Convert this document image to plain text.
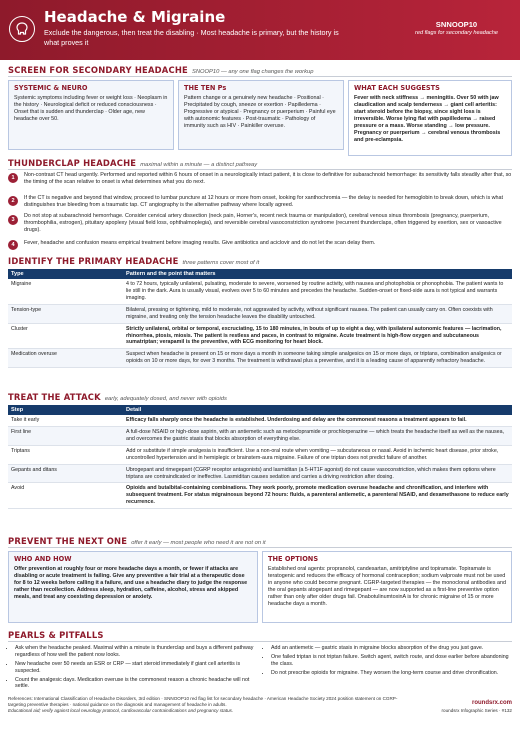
Headache & Migraine
Exclude the dangerous, then treat the disabling · Most headache is primary, but the history is what proves it
SNNOOP10
red flags for secondary headache
SCREEN FOR SECONDARY HEADACHE SNOOP10 — any one flag changes the workup
SYSTEMIC & NEURO
Systemic symptoms including fever or weight loss · Neoplasm in the history · Neurological deficit or reduced consciousness · Onset that is sudden and thunderclap · Older age, new headache over 50.
THE TEN Ps
Pattern change or a genuinely new headache · Positional · Precipitated by cough, sneeze or exertion · Papilledema · Progressive or atypical · Pregnancy or puerperium · Painful eye with autonomic features · Post-traumatic · Pathology of immunity such as HIV · Painkiller overuse.
WHAT EACH SUGGESTS
Fever with neck stiffness → meningitis. Over 50 with jaw claudication and scalp tenderness → giant cell arteritis: start steroid before the biopsy, since sight loss is irreversible. Worse lying flat with papilledema → raised pressure or a mass. Worse standing → low pressure. Pregnancy or puerperium → cerebral venous thrombosis and pre-eclampsia.
THUNDERCLAP HEADACHE maximal within a minute — a distinct pathway
1	Non-contrast CT head urgently. Performed and reported within 6 hours of onset in a neurologically intact patient, it is close to definitive for subarachnoid hemorrhage: its sensitivity falls steadily after that, so the timing of the scan relative to onset is what determines what you do next.
2	If the CT is negative and beyond that window, proceed to lumbar puncture at 12 hours or more from onset, looking for xanthochromia — the delay is needed for hemoglobin to break down, which is what distinguishes true bleeding from a traumatic tap. CT angiography is the alternative pathway where locally agreed.
3
Do not stop at subarachnoid hemorrhage. Consider cervical artery dissection (neck pain, Horner's, recent neck trauma or manipulation), cerebral venous sinus thrombosis (pregnancy, puerperium, thrombophilia, estrogen), pituitary apoplexy (visual field loss, ophthalmoplegia), and reversible cerebral vasoconstriction syndrome (recurrent thunderclaps, often triggered by exertion, sex or vasoactive drugs).
4	Fever, headache and confusion means empirical treatment before imaging results. Give antibiotics and aciclovir and do not let the scan delay them.
IDENTIFY THE PRIMARY HEADACHE three patterns cover most of it
Type	Pattern and the point that matters
Migraine	4 to 72 hours, typically unilateral, pulsating, moderate to severe, worsened by routine activity, with nausea and photophobia or phonophobia. The patient wants to lie still in the dark. Aura is usually visual, evolves over 5 to 60 minutes and precedes the headache. Sudden-onset or fixed-side aura is not typical and warrants imaging.
Tension-type	Bilateral, pressing or tightening, mild to moderate, not aggravated by activity, without significant nausea. The patient can usually carry on. Often coexists with migraine, and treating only the tension headache leaves the disability untouched.
Cluster	Strictly unilateral, orbital or temporal, excruciating, 15 to 180 minutes, in bouts of up to eight a day, with ipsilateral autonomic features — lacrimation, rhinorrhea, ptosis, miosis. The patient is restless and paces, in contrast to migraine. Acute treatment is high-flow oxygen and subcutaneous sumatriptan; verapamil is the preventive, with ECG monitoring for heart block.
Medication overuse	Suspect when headache is present on 15 or more days a month in someone taking simple analgesics on 15 or more days, or triptans, combination analgesics or opioids on 10 or more days, for over 3 months. The treatment is withdrawal plus a preventive, and it is a leading cause of apparently refractory headache.
TREAT THE ATTACK early, adequately dosed, and never with opioids
Step	Detail
Take it early	Efficacy falls sharply once the headache is established. Underdosing and delay are the commonest reasons a treatment appears to fail.
First line	A full-dose NSAID or high-dose aspirin, with an antiemetic such as metoclopramide or prochlorperazine — which treats the headache itself as well as the nausea, and overcomes the gastric stasis that blocks absorption of everything else.
Triptans	Add or substitute if simple analgesia is insufficient. Use a non-oral route when vomiting — subcutaneous or nasal. Avoid in ischemic heart disease, prior stroke, uncontrolled hypertension and in hemiplegic or brainstem-aura migraine. Failure of one triptan does not predict failure of another.
Gepants and ditans	Ubrogepant and rimegepant (CGRP receptor antagonists) and lasmiditan (a 5-HT1F agonist) do not cause vasoconstriction, which makes them options where triptans are contraindicated or ineffective. Lasmiditan causes sedation and carries a driving restriction after dosing.
Avoid	Opioids and butalbital-containing combinations. They work poorly, promote medication overuse headache and chronification, and interfere with subsequent treatment. For status migrainosus beyond 72 hours: fluids, a parenteral antiemetic, a parenteral NSAID, and dexamethasone to reduce early recurrence.
PREVENT THE NEXT ONE offer it early — most people who need it are not on it
WHO AND HOW
Offer prevention at roughly four or more headache days a month, or fewer if attacks are disabling or acute treatment is failing. Give any preventive a fair trial at a therapeutic dose for 8 to 12 weeks before calling it a failure, and use a headache diary to judge the response rather than recollection. Address sleep, hydration, caffeine, alcohol, stress and skipped meals, and treat any coexisting depression or anxiety.
THE OPTIONS
Established oral agents: propranolol, candesartan, amitriptyline and topiramate. Topiramate is teratogenic and reduces the efficacy of hormonal contraception; sodium valproate must not be used in anyone who could become pregnant. CGRP-targeted therapies — the monoclonal antibodies and the oral gepants atogepant and rimegepant — are now supported as a first-line preventive option rather than only after older drugs fail. OnabotulinumtoxinA is for chronic migraine of 15 or more headache days a month.
PEARLS & PITFALLS
• Ask when the headache peaked. Maximal within a minute is thunderclap and buys a different pathway regardless of how well the patient now looks.
• New headache over 50 needs an ESR or CRP — start steroid immediately if giant cell arteritis is suspected.
• Count the analgesic days. Medication overuse is the commonest reason a chronic headache will not settle.
• Add an antiemetic — gastric stasis in migraine blocks absorption of the drug you just gave.
• One failed triptan is not triptan failure. Switch agent, switch route, and dose earlier before abandoning the class.
• Do not prescribe opioids for migraine. They worsen the long-term course and drive chronification.
References: International Classification of Headache Disorders, 3rd edition · SNNOOP10 red flag list for secondary headache · American Headache Society 2024 position statement on CGRP-targeting preventive therapies · national guidance on the diagnosis and management of headache in adults.
Educational aid; verify against local neurology protocol, cardiovascular contraindications and pregnancy status.
roundsrx.com
roundsrx Infographic Series · #132
